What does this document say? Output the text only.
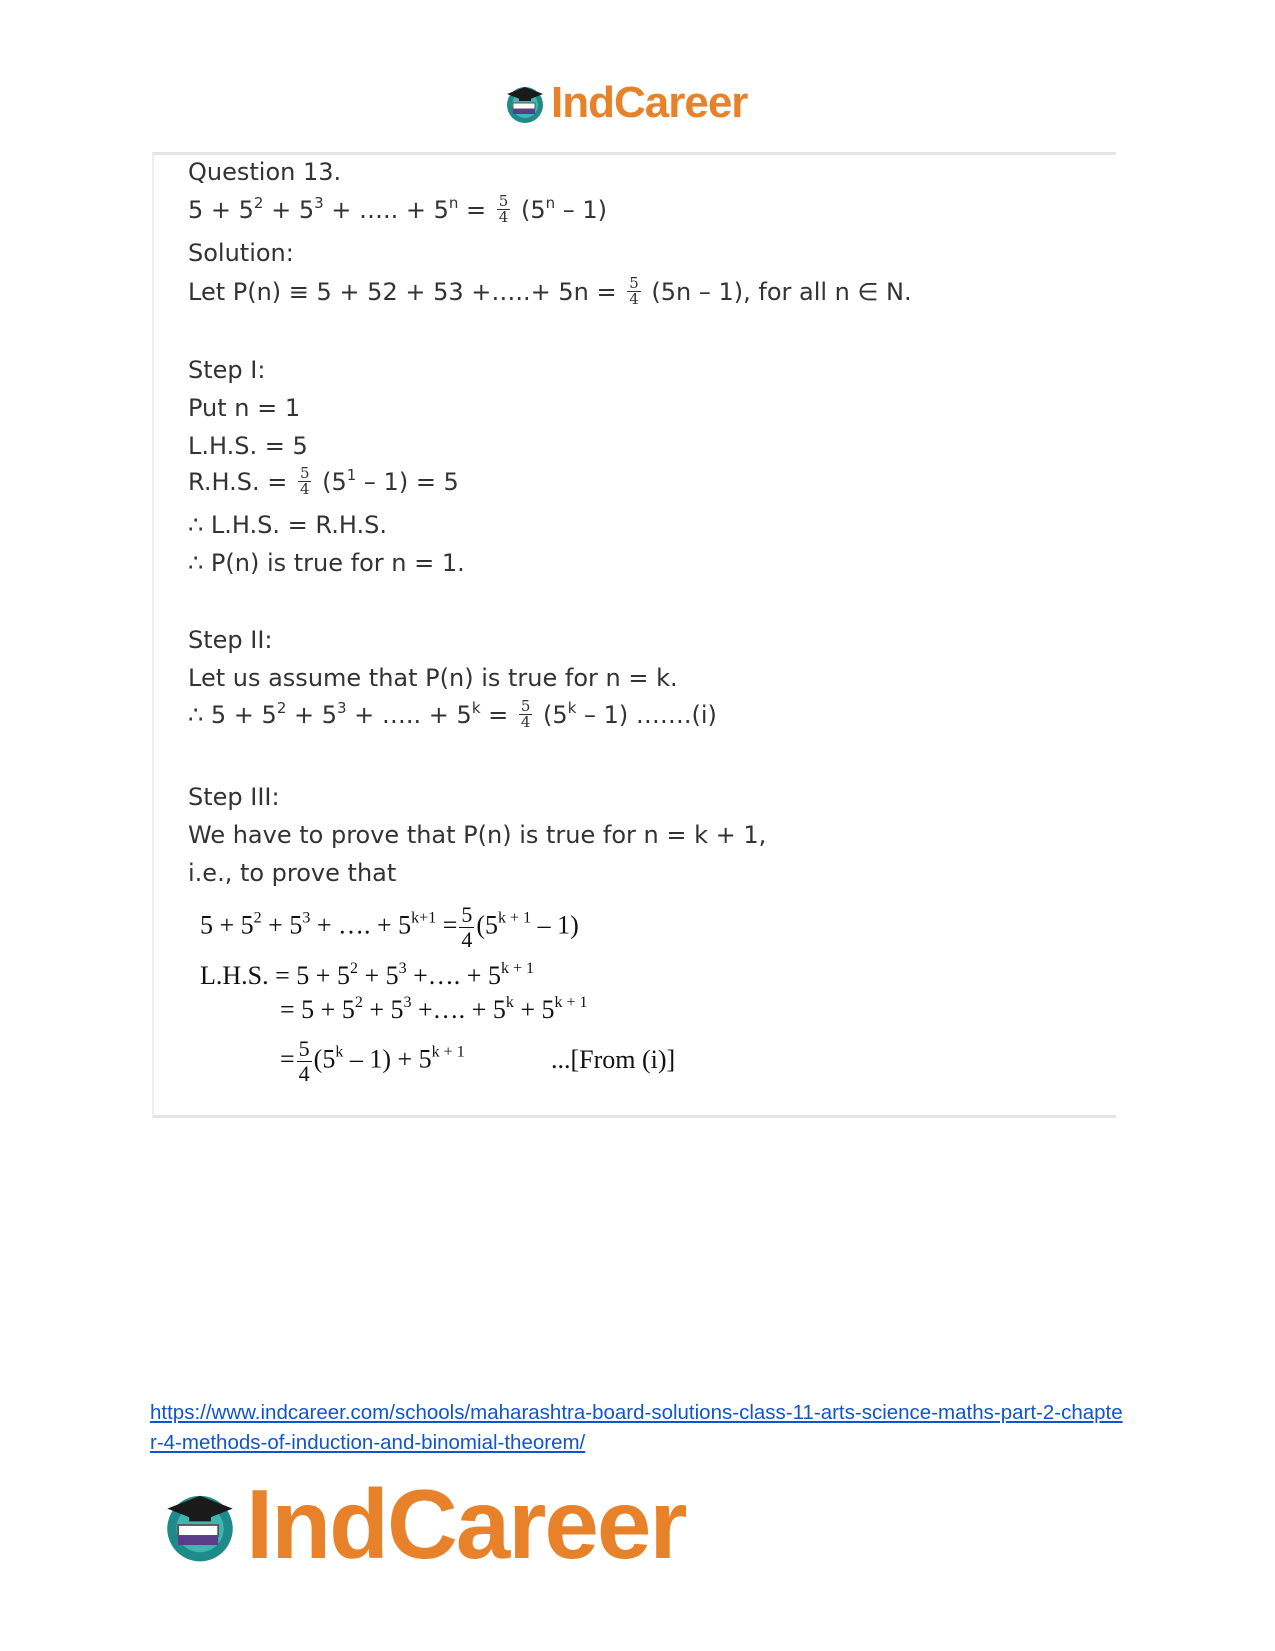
IndCareer
Question 13.
$5 + 5^2 + 5^3$ + ….. + $5^n = \frac{5}{4} (5^n - 1)$
Solution:
Let P(n) ≡ 5 + 52 + 53 +…..+ $5n = \frac{5}{4} (5n - 1)$, for all n ∈ N.
Step I:
Put n = 1
L.H.S. = 5
R.H.S. = $\frac{5}{4} (5^1 - 1) = 5$
∴ L.H.S. = R.H.S.
∴ P(n) is true for n = 1.
Step II:
Let us assume that P(n) is true for n = k.
∴ $5 + 5^2 + 5^3$ + ….. + $5^k = \frac{5}{4} (5^k - 1)$ …….(i)
Step III:
We have to prove that P(n) is true for n = k + 1,
i.e., to prove that
$5 + 5^2 + 5^3$ + …. + $5^{k+1} = \frac{5}{4} (5^{k + 1} - 1)$
L.H.S. = $5 + 5^2 + 5^3$ +…. + $5^{k + 1}$
= $5 + 5^2 + 5^3$ +…. + $5^k + 5^{k + 1}$
= $\frac{5}{4} (5^k - 1) + 5^{k + 1}$	...[From (i)]
https://www.indcareer.com/schools/maharashtra-board-solutions-class-11-arts-science-maths-part-2-chapter-4-methods-of-induction-and-binomial-theorem/
IndCareer
